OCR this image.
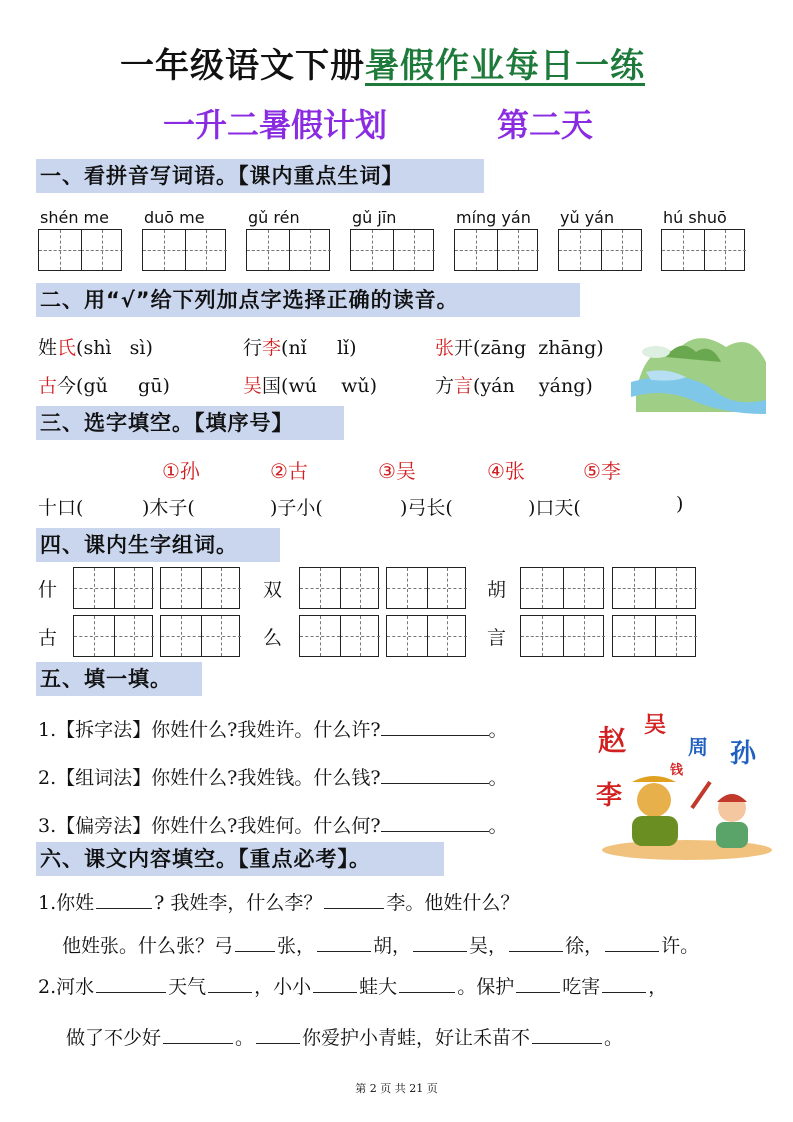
一年级语文下册暑假作业每日一练
一升二暑假计划	第二天
一、看拼音写词语。【课内重点生词】
二、用“√”给下列加点字选择正确的读音。
三、选字填空。【填序号】
四、课内生字组词。
五、填一填。
赵 吴
周 孙
李
钱
六、课文内容填空。【重点必考】。
第 2 页 共 21 页
shén me duō me	gǔ rén	gǔ jīn	míng yán yǔ yán	hú shuō
姓氏(shì   sì)	行李(nǐ     lǐ)	张开(zāng  zhāng)
古今(gǔ     gū)	吴国(wú    wǔ)	方言(yán    yáng)
①孙	②古	③吴	④张	⑤李
十口(	)木子(	)子小(	)弓长(	)口天(	)
什	双	胡
古	么	言
1.【拆字法】你姓什么?我姓许。什么许?	。
2.【组词法】你姓什么?我姓钱。什么钱?	。
3.【偏旁法】你姓什么?我姓何。什么何?	。
1.你姓	? 我姓李，什么李？	李。他姓什么？
他姓张。什么张？弓 张，	胡，	吴，	徐，	许。
2.河水	天气	，小小	蛙大	。保护	吃害	，
做了不少好	。	你爱护小青蛙，好让禾苗不	。
